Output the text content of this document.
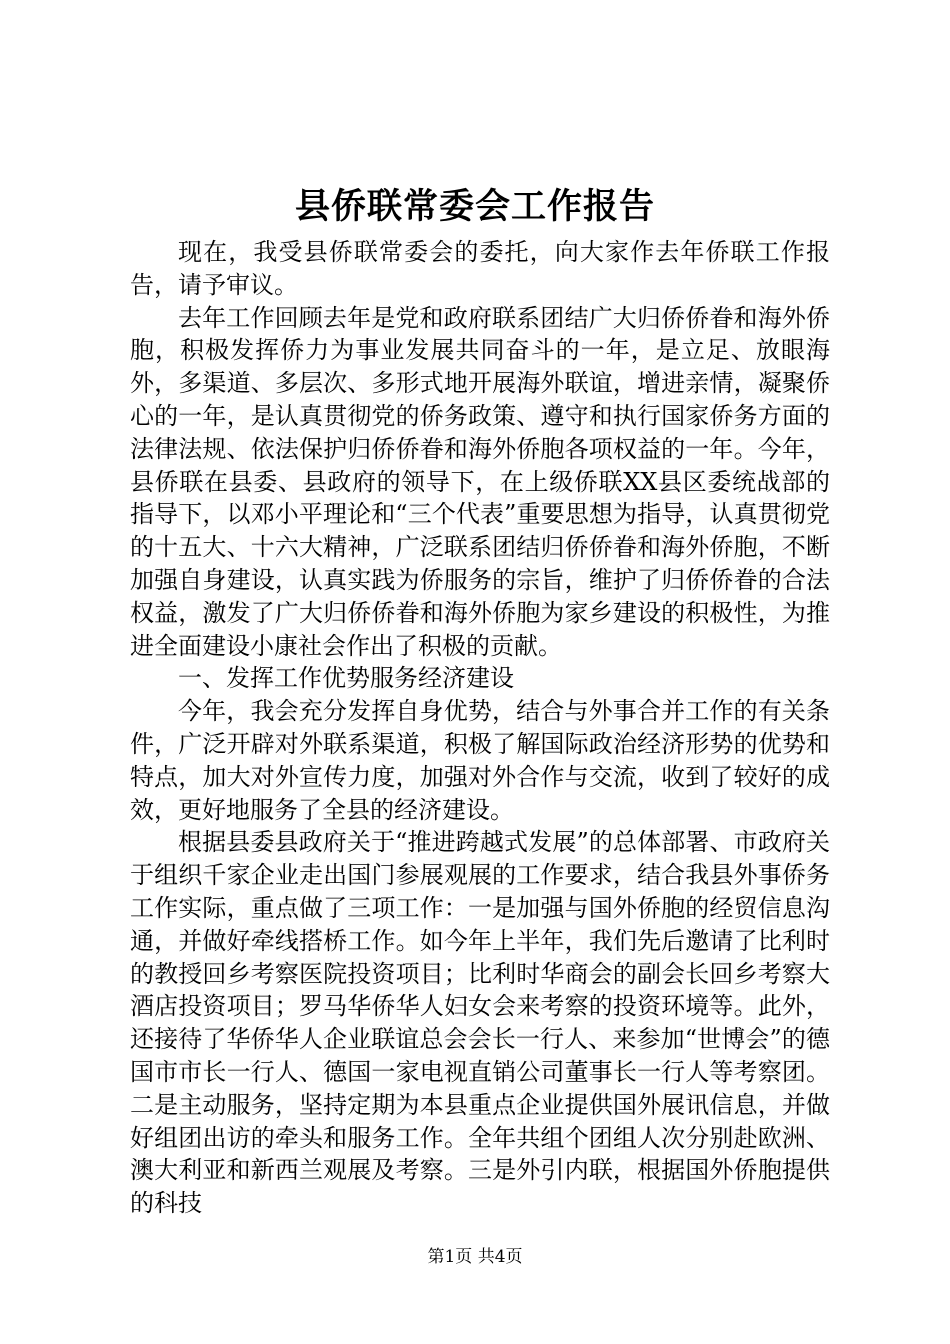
县侨联常委会工作报告

现在，我受县侨联常委会的委托，向大家作去年侨联工作报告，请予审议。

去年工作回顾去年是党和政府联系团结广大归侨侨眷和海外侨胞，积极发挥侨力为事业发展共同奋斗的一年，是立足、放眼海外，多渠道、多层次、多形式地开展海外联谊，增进亲情，凝聚侨心的一年，是认真贯彻党的侨务政策、遵守和执行国家侨务方面的法律法规、依法保护归侨侨眷和海外侨胞各项权益的一年。今年，县侨联在县委、县政府的领导下，在上级侨联XX县区委统战部的指导下，以邓小平理论和“三个代表”重要思想为指导，认真贯彻党的十五大、十六大精神，广泛联系团结归侨侨眷和海外侨胞，不断加强自身建设，认真实践为侨服务的宗旨，维护了归侨侨眷的合法权益，激发了广大归侨侨眷和海外侨胞为家乡建设的积极性，为推进全面建设小康社会作出了积极的贡献。

一、发挥工作优势服务经济建设

今年，我会充分发挥自身优势，结合与外事合并工作的有关条件，广泛开辟对外联系渠道，积极了解国际政治经济形势的优势和特点，加大对外宣传力度，加强对外合作与交流，收到了较好的成效，更好地服务了全县的经济建设。

根据县委县政府关于“推进跨越式发展”的总体部署、市政府关于组织千家企业走出国门参展观展的工作要求，结合我县外事侨务工作实际，重点做了三项工作：一是加强与国外侨胞的经贸信息沟通，并做好牵线搭桥工作。如今年上半年，我们先后邀请了比利时的教授回乡考察医院投资项目；比利时华商会的副会长回乡考察大酒店投资项目；罗马华侨华人妇女会来考察的投资环境等。此外，还接待了华侨华人企业联谊总会会长一行人、来参加“世博会”的德国市市长一行人、德国一家电视直销公司董事长一行人等考察团。二是主动服务，坚持定期为本县重点企业提供国外展讯信息，并做好组团出访的牵头和服务工作。全年共组个团组人次分别赴欧洲、澳大利亚和新西兰观展及考察。三是外引内联，根据国外侨胞提供的科技

第1页 共4页
